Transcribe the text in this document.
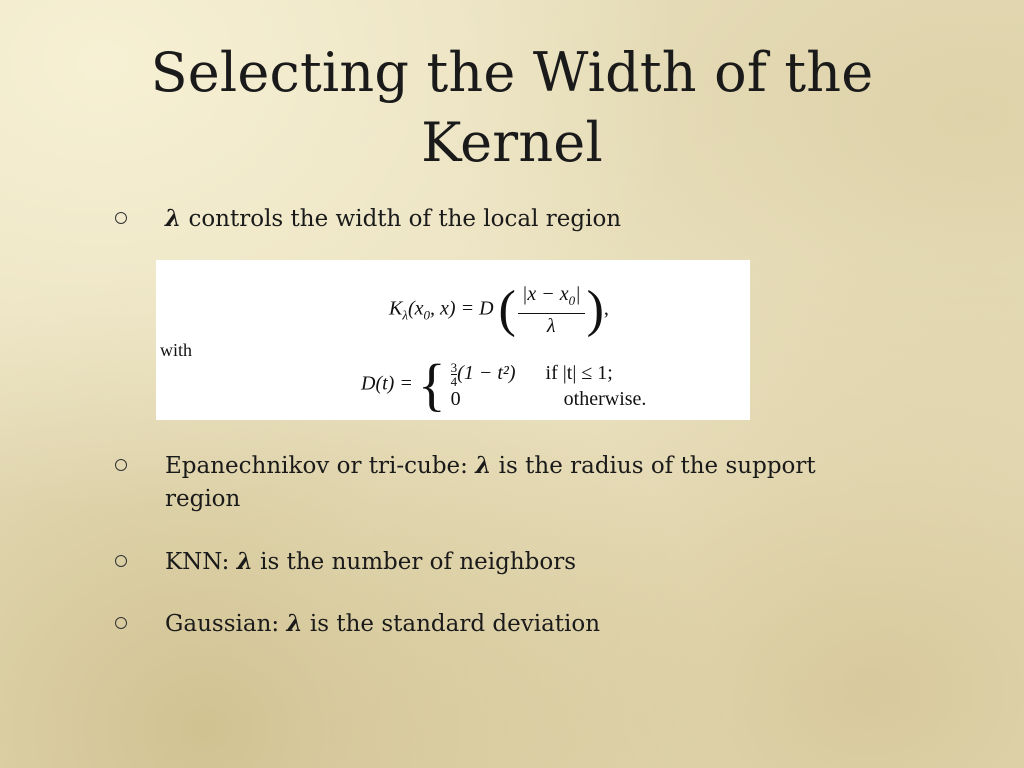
Selecting the Width of the Kernel
λ controls the width of the local region
$K_\lambda(x_0$, x) = D ( $\frac{|x - x_0|}{\lambda}$ ),
with
D(t) = { $\frac{3}{4} (1 - t^2)$ if |t| ≤ 1;
0	otherwise.
Epanechnikov or tri-cube: λ is the radius of the support region
KNN: λ is the number of neighbors
Gaussian: λ is the standard deviation
